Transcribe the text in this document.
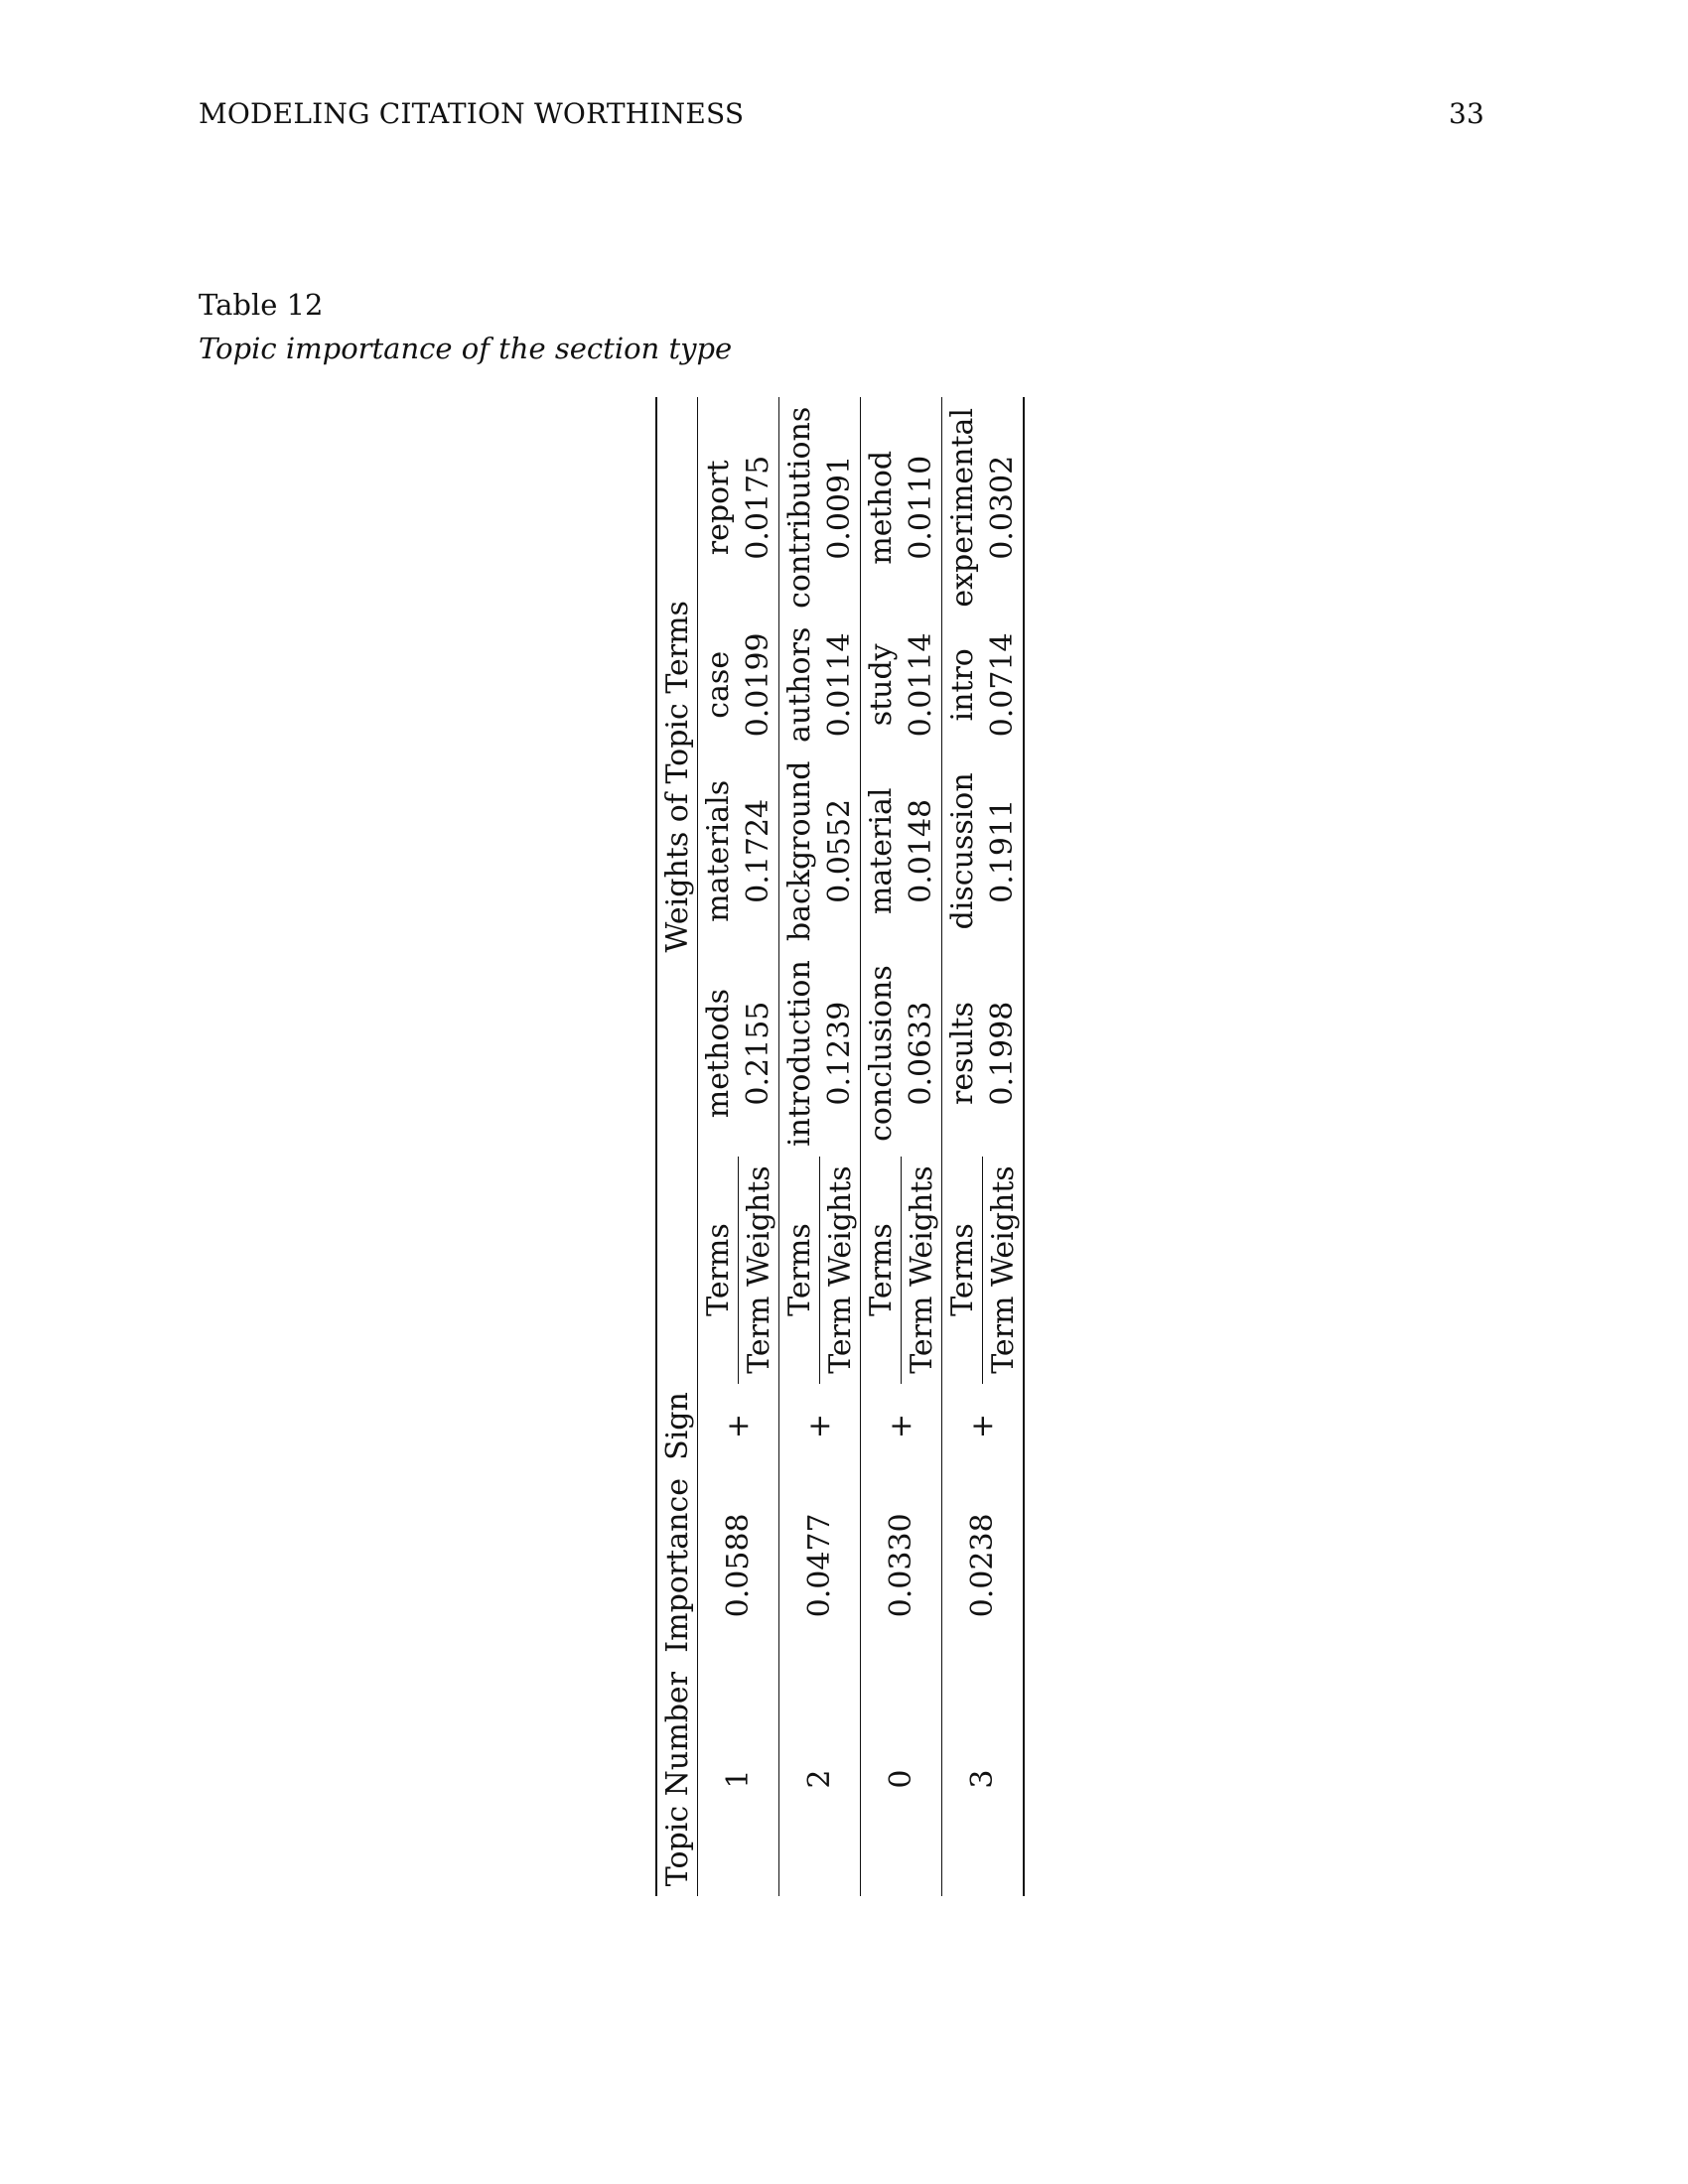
MODELING CITATION WORTHINESS	33
Table 12
Topic importance of the section type
Topic Number	Importance	Sign		Weights of Topic Terms			
1	0.0588	+	Terms	methods	materials	case	report
			Term Weights	0.2155	0.1724	0.0199	0.0175
2	0.0477	+	Terms	introduction	background	authors	contributions
			Term Weights	0.1239	0.0552	0.0114	0.0091
0	0.0330	+	Terms	conclusions	material	study	method
			Term Weights	0.0633	0.0148	0.0114	0.0110
3	0.0238	+	Terms	results	discussion	intro	experimental
			Term Weights	0.1998	0.1911	0.0714	0.0302
